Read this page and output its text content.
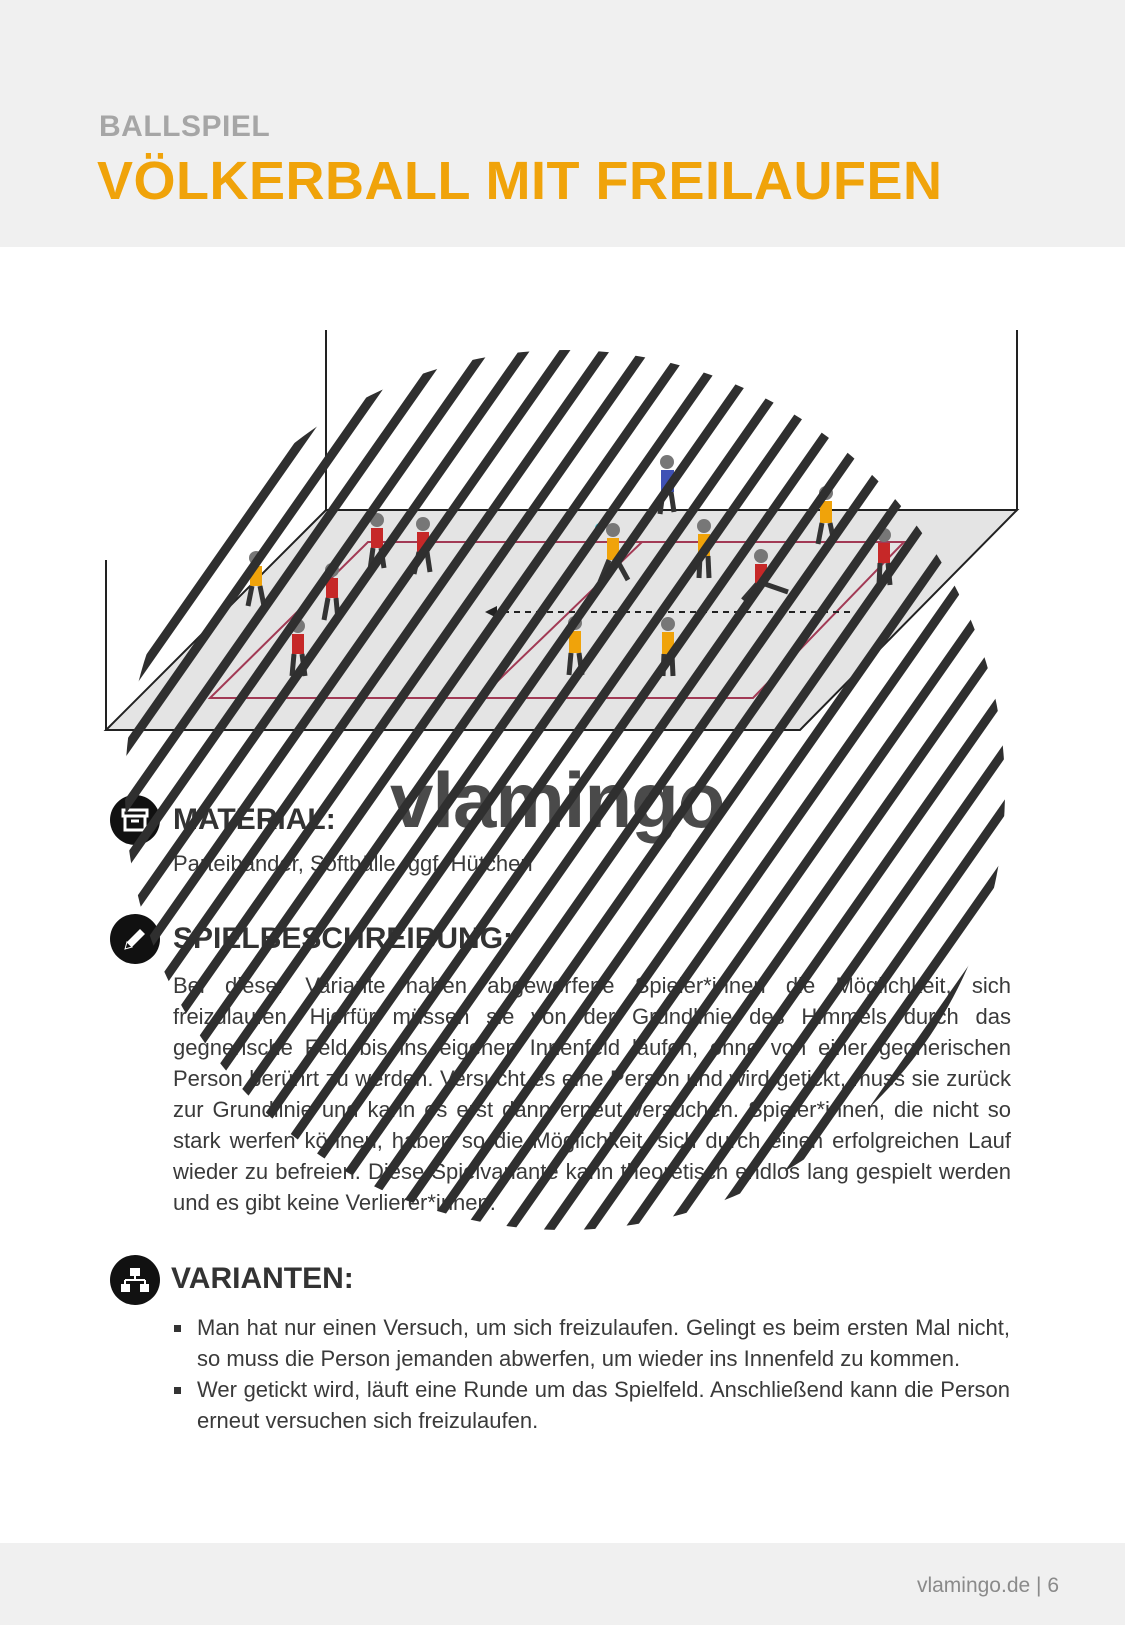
BALLSPIEL
VÖLKERBALL MIT FREILAUFEN
vlamingo
MATERIAL:
Parteibänder, Softbälle, ggf. Hütchen
SPIELBESCHREIBUNG:
Bei dieser Variante haben abgeworfene Spieler*innen die Möglichkeit, sich freizulaufen. Hierfür müssen sie von der Grundlinie des Himmels durch das gegnerische Feld bis ins eigenen Innenfeld laufen, ohne von einer gegnerischen Person berührt zu werden. Versucht es eine Person und wird getickt, muss sie zurück zur Grundlinie und kann es erst dann erneut versuchen. Spieler*innen, die nicht so stark werfen können, haben so die Möglichkeit, sich durch einen erfolgreichen Lauf wieder zu befreien. Diese Spielvariante kann theoretisch endlos lang gespielt werden und es gibt keine Verlierer*innen.
VARIANTEN:
Man hat nur einen Versuch, um sich freizulaufen. Gelingt es beim ersten Mal nicht, so muss die Person jemanden abwerfen, um wieder ins Innenfeld zu kommen.
Wer getickt wird, läuft eine Runde um das Spielfeld. Anschließend kann die Person erneut versuchen sich freizulaufen.
vlamingo.de | 6
